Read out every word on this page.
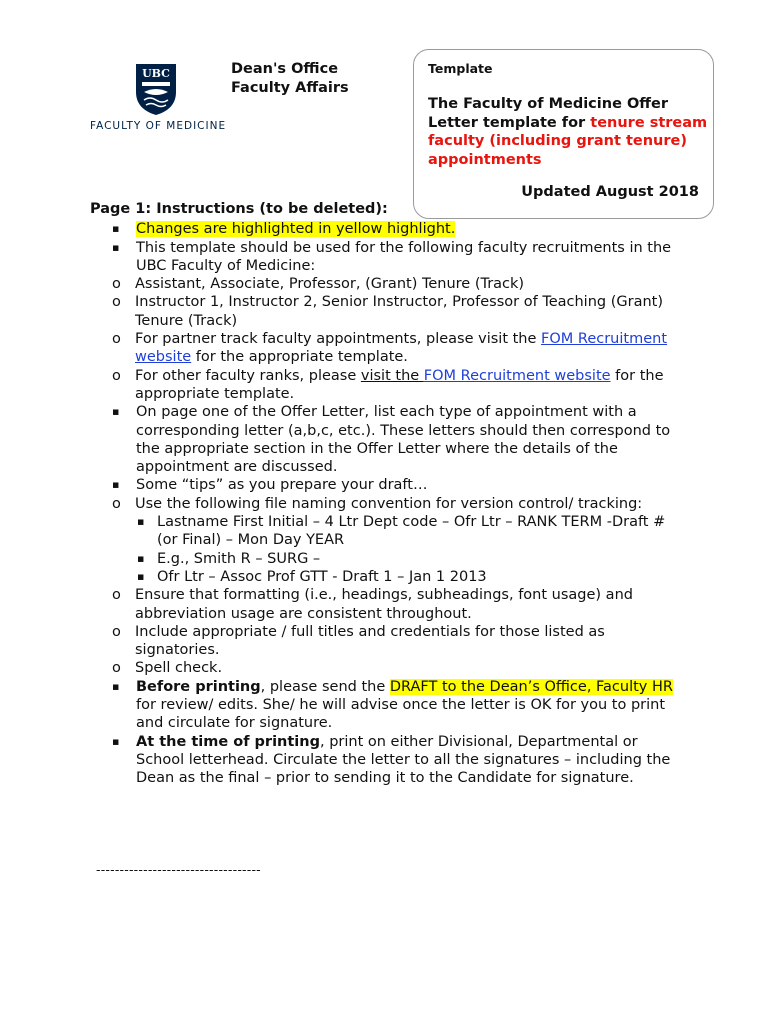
UBC
FACULTY OF MEDICINE
Dean's Office
Faculty Affairs
Template
The Faculty of Medicine Offer Letter template for tenure stream faculty (including grant tenure) appointments
Updated August 2018
Page 1: Instructions (to be deleted):
▪ Changes are highlighted in yellow highlight.
▪ This template should be used for the following faculty recruitments in the UBC Faculty of Medicine:
o Assistant, Associate, Professor, (Grant) Tenure (Track)
o Instructor 1, Instructor 2, Senior Instructor, Professor of Teaching (Grant) Tenure (Track)
o For partner track faculty appointments, please visit the FOM Recruitment website for the appropriate template.
o For other faculty ranks, please visit the FOM Recruitment website for the appropriate template.
▪ On page one of the Offer Letter, list each type of appointment with a corresponding letter (a,b,c, etc.). These letters should then correspond to the appropriate section in the Offer Letter where the details of the appointment are discussed.
▪ Some “tips” as you prepare your draft…
o Use the following file naming convention for version control/ tracking:
▪ Lastname First Initial – 4 Ltr Dept code – Ofr Ltr – RANK TERM -Draft # (or Final) – Mon Day YEAR
▪ E.g., Smith R – SURG –
▪ Ofr Ltr – Assoc Prof GTT - Draft 1 – Jan 1 2013
o Ensure that formatting (i.e., headings, subheadings, font usage) and abbreviation usage are consistent throughout.
o Include appropriate / full titles and credentials for those listed as signatories.
o Spell check.
▪ Before printing, please send the DRAFT to the Dean’s Office, Faculty HR for review/ edits. She/ he will advise once the letter is OK for you to print and circulate for signature.
▪ At the time of printing, print on either Divisional, Departmental or School letterhead. Circulate the letter to all the signatures – including the Dean as the final – prior to sending it to the Candidate for signature.
-----------------------------------
